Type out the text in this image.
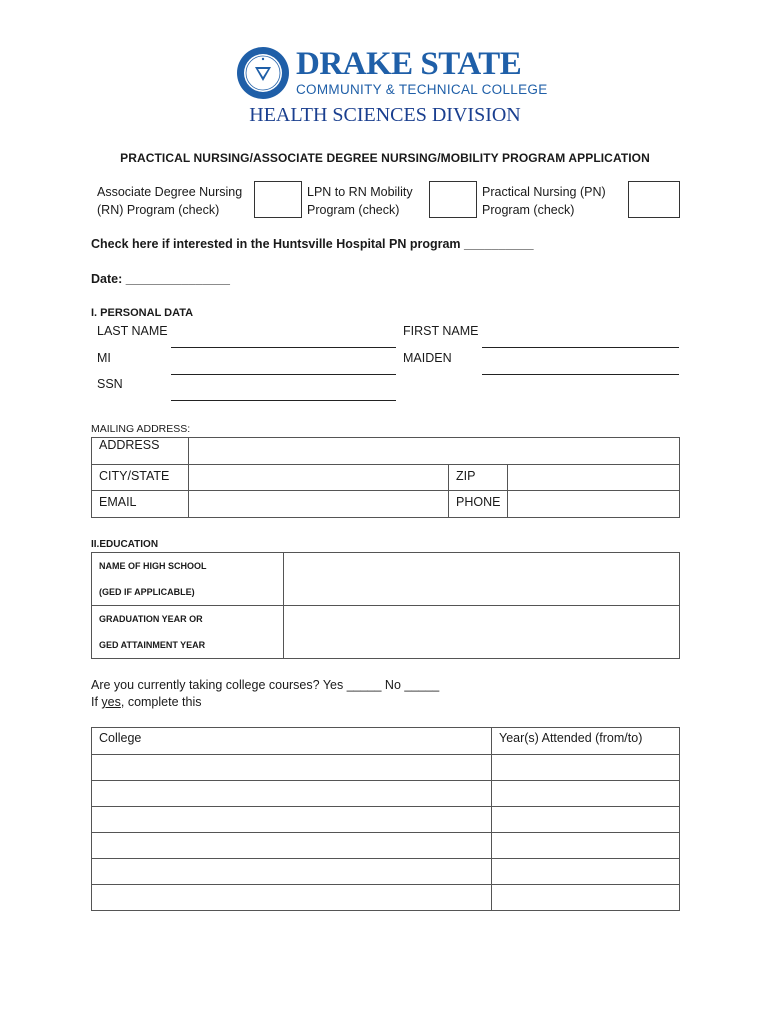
DRAKE STATE
COMMUNITY & TECHNICAL COLLEGE
HEALTH SCIENCES DIVISION
PRACTICAL NURSING/ASSOCIATE DEGREE NURSING/MOBILITY PROGRAM APPLICATION
Associate Degree Nursing
(RN) Program (check)
LPN to RN Mobility
Program (check)
Practical Nursing (PN)
Program (check)
Check here if interested in the Huntsville Hospital PN program __________
Date: _______________
I. PERSONAL DATA
LAST NAME	FIRST NAME
MI	MAIDEN
SSN
MAILING ADDRESS:
ADDRESS			
CITY/STATE		ZIP	
EMAIL		PHONE	
II.EDUCATION
NAME OF HIGH SCHOOL
(GED IF APPLICABLE)	

GRADUATION YEAR OR
GED ATTAINMENT YEAR	

Are you currently taking college courses? Yes _____ No _____
If yes, complete this
College	Year(s) Attended (from/to)
